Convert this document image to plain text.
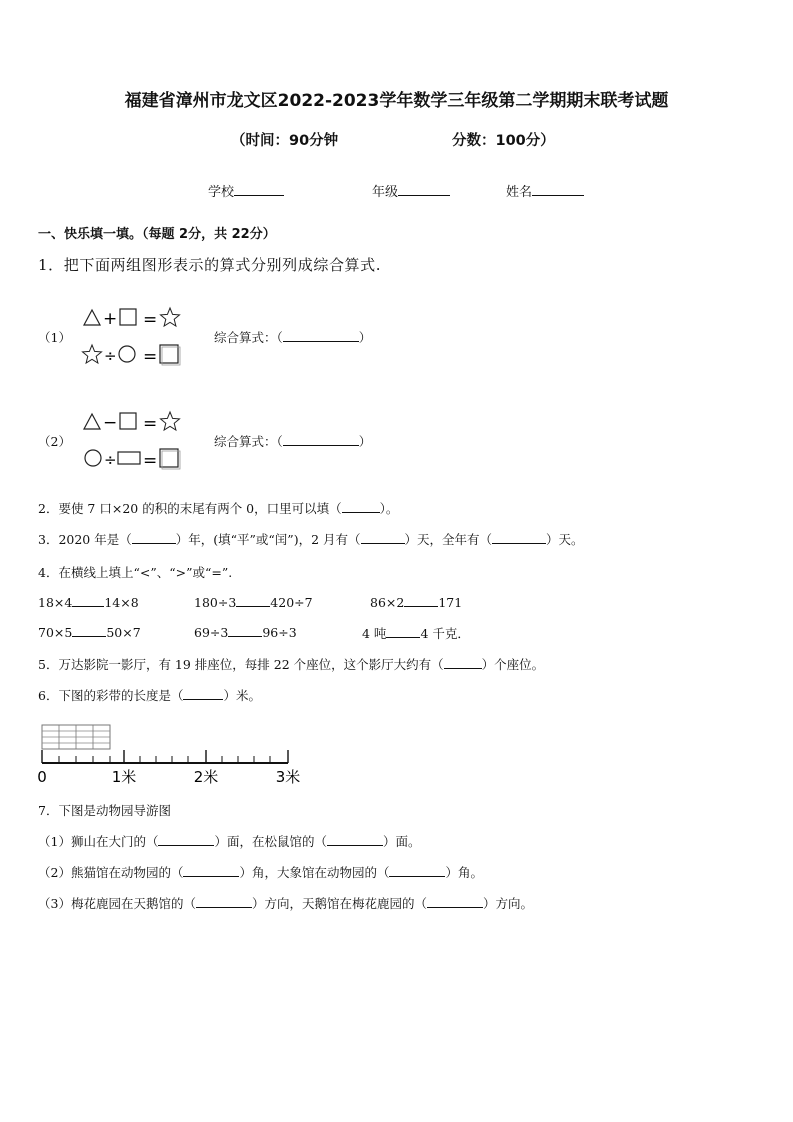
福建省漳州市龙文区2022-2023学年数学三年级第二学期期末联考试题
（时间：90分钟	分数：100分）
学校	年级	姓名
一、快乐填一填。（每题 2分，共 22分）
1．把下面两组图形表示的算式分别列成综合算式.
（1）
+ =
÷ =
综合算式：（	）
（2）
− =
÷ =
综合算式：（	）
2．要使 7 口×20 的积的末尾有两个 0，口里可以填（	）。
3．2020 年是（	）年，(填“平”或“闰”)，2 月有（	）天，全年有（	）天。
4．在横线上填上“<”、“>”或“=”.
18×4	14×8	180÷3	420÷7	86×2	171
70×5	50×7	69÷3	96÷3	4 吨	4 千克．
5．万达影院一影厅，有 19 排座位，每排 22 个座位，这个影厅大约有（	）个座位。
6．下图的彩带的长度是（	）米。
0	1米	2米	3米
7．下图是动物园导游图
（1）狮山在大门的（	）面，在松鼠馆的（	）面。
（2）熊猫馆在动物园的（	）角，大象馆在动物园的（	）角。
（3）梅花鹿园在天鹅馆的（	）方向，天鹅馆在梅花鹿园的（	）方向。
